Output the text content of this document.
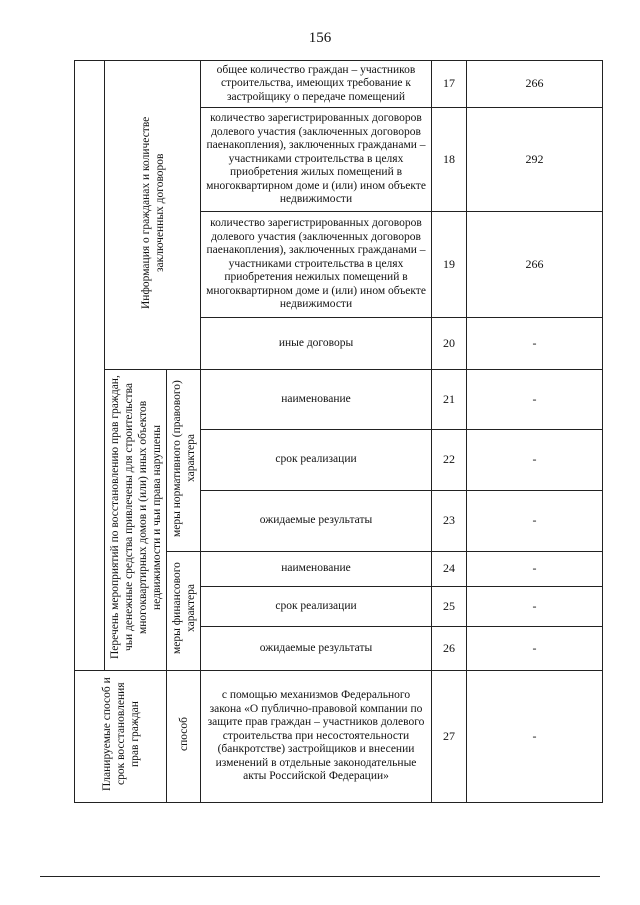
156
	Информация о гражданах и количестве заключенных договоров		общее количество граждан – участников строительства, имеющих требование к застройщику о передаче помещений	17	266
			количество зарегистрированных договоров долевого участия (заключенных договоров паенакопления), заключенных гражданами – участниками строительства в целях приобретения жилых помещений в многоквартирном доме и (или) ином объекте недвижимости	18	292
			количество зарегистрированных договоров долевого участия (заключенных договоров паенакопления), заключенных гражданами – участниками строительства в целях приобретения нежилых помещений в многоквартирном доме и (или) ином объекте недвижимости	19	266
			иные договоры	20	-
	Перечень мероприятий по восстановлению прав граждан, чьи денежные средства привлечены для строительства многоквартирных домов и (или) иных объектов недвижимости и чьи права нарушены	меры нормативного (правового) характера	наименование	21	-
			срок реализации	22	-
			ожидаемые результаты	23	-
		меры финансового характера	наименование	24	-
			срок реализации	25	-
			ожидаемые результаты	26	-
Планируемые способ и срок восстановления прав граждан		способ	с помощью механизмов Федерального закона «О публично-правовой компании по защите прав граждан – участников долевого строительства при несостоятельности (банкротстве) застройщиков и внесении изменений в отдельные законодательные акты Российской Федерации»	27	-
